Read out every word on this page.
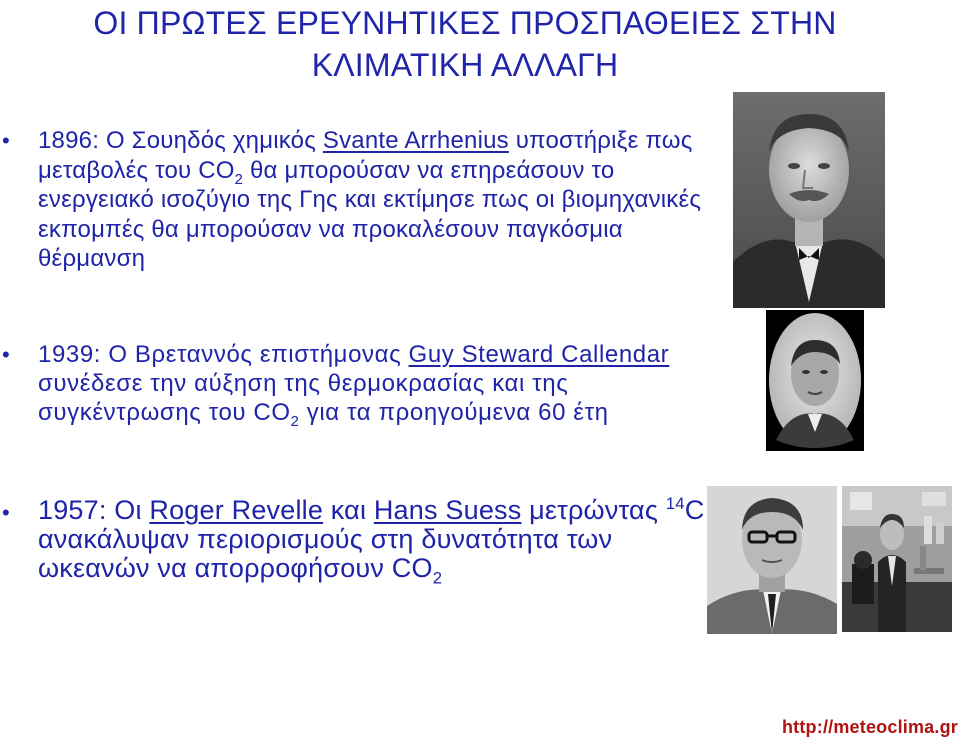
ΟΙ ΠΡΩΤΕΣ ΕΡΕΥΝΗΤΙΚΕΣ ΠΡΟΣΠΑΘΕΙΕΣ ΣΤΗΝ
ΚΛΙΜΑΤΙΚΗ ΑΛΛΑΓΗ
• 1896: Ο Σουηδός χημικός Svante Arrhenius υποστήριξε πως μεταβολές του $CO_2$ θα μπορούσαν να επηρεάσουν το ενεργειακό ισοζύγιο της Γης και εκτίμησε πως οι βιομηχανικές εκπομπές θα μπορούσαν να προκαλέσουν παγκόσμια θέρμανση
• 1939: Ο Βρεταννός επιστήμονας Guy Steward Callendar συνέδεσε την αύξηση της θερμοκρασίας και της συγκέντρωσης του $CO_2$ για τα προηγούμενα 60 έτη
• 1957: Οι Roger Revelle και Hans Suess μετρώντας $^{14}$C ανακάλυψαν περιορισμούς στη δυνατότητα των ωκεανών να απορροφήσουν $CO_2$
http://meteoclima.gr
